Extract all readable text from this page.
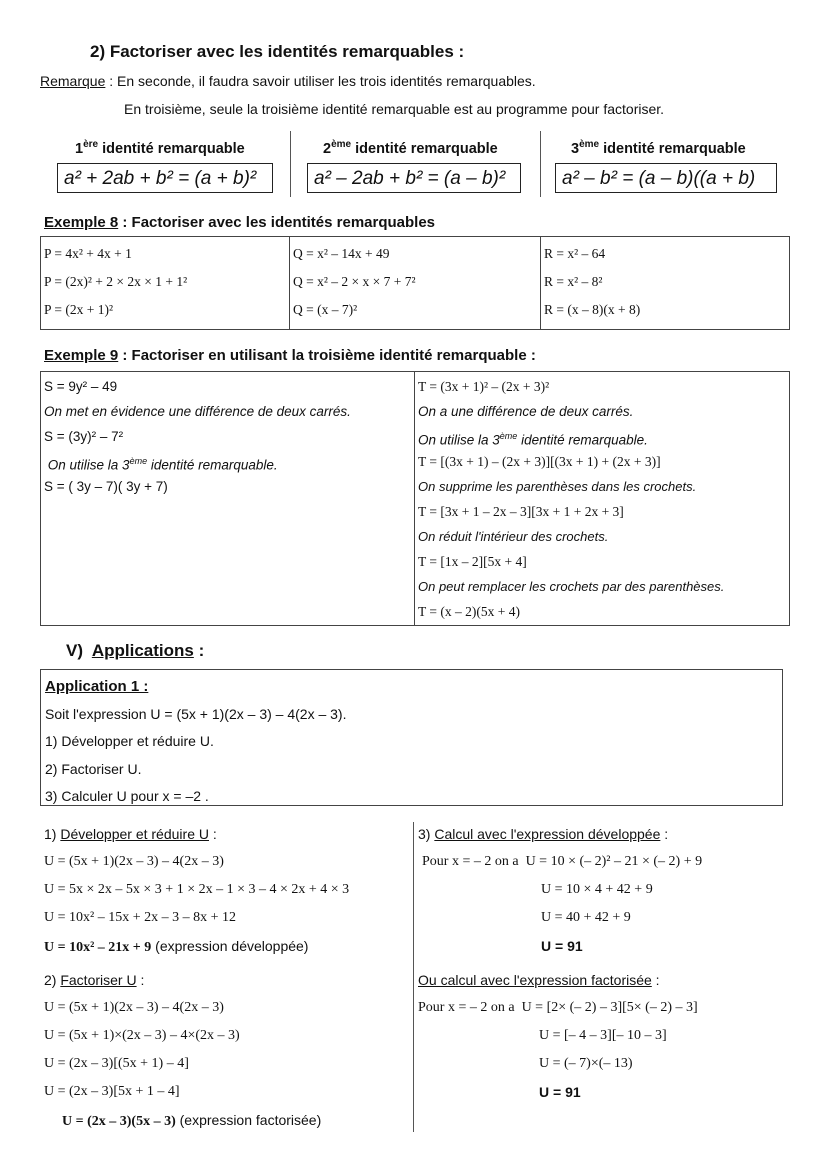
2) Factoriser avec les identités remarquables :
Remarque : En seconde, il faudra savoir utiliser les trois identités remarquables.
En troisième, seule la troisième identité remarquable est au programme pour factoriser.
1ère identité remarquable
a² + 2ab + b² = (a + b)²
2ème identité remarquable
a² – 2ab + b² = (a – b)²
3ème identité remarquable
a² – b² = (a – b)((a + b)
Exemple 8 : Factoriser avec les identités remarquables
P = 4x² + 4x + 1
P = (2x)² + 2 × 2x × 1 + 1²
P = (2x + 1)²

Q = x² – 14x + 49
Q = x² – 2 × x × 7 + 7²
Q = (x – 7)²

R = x² – 64
R = x² – 8²
R = (x – 8)(x + 8)
Exemple 9 : Factoriser en utilisant la troisième identité remarquable :
S = 9y² – 49
On met en évidence une différence de deux carrés.
S = (3y)² – 7²
On utilise la 3ème identité remarquable.
S = ( 3y – 7)( 3y + 7)

T = (3x + 1)² – (2x + 3)²
On a une différence de deux carrés.
On utilise la 3ème identité remarquable.
T = [(3x + 1) – (2x + 3)][(3x + 1) + (2x + 3)]
On supprime les parenthèses dans les crochets.
T = [3x + 1 – 2x – 3][3x + 1 + 2x + 3]
On réduit l'intérieur des crochets.
T = [1x – 2][5x + 4]
On peut remplacer les crochets par des parenthèses.
T = (x – 2)(5x + 4)
V) Applications :
Application 1 :
Soit l'expression U = (5x + 1)(2x – 3) – 4(2x – 3).
1) Développer et réduire U.
2) Factoriser U.
3) Calculer U pour x = –2 .
1) Développer et réduire U :
U = (5x + 1)(2x – 3) – 4(2x – 3)
U = 5x × 2x – 5x × 3 + 1 × 2x – 1 × 3 – 4 × 2x + 4 × 3
U = 10x² – 15x + 2x – 3 – 8x + 12
U = 10x² – 21x + 9 (expression développée)
2) Factoriser U :
U = (5x + 1)(2x – 3) – 4(2x – 3)
U = (5x + 1)×(2x – 3) – 4×(2x – 3)
U = (2x – 3)[(5x + 1) – 4]
U = (2x – 3)[5x + 1 – 4]
U = (2x – 3)(5x – 3) (expression factorisée)
3) Calcul avec l'expression développée :
Pour x = – 2 on a U = 10 × (– 2)² – 21 × (– 2) + 9
U = 10 × 4 + 42 + 9
U = 40 + 42 + 9
U = 91
Ou calcul avec l'expression factorisée :
Pour x = – 2 on a U = [2× (– 2) – 3][5× (– 2) – 3]
U = [– 4 – 3][– 10 – 3]
U = (– 7)×(– 13)
U = 91
